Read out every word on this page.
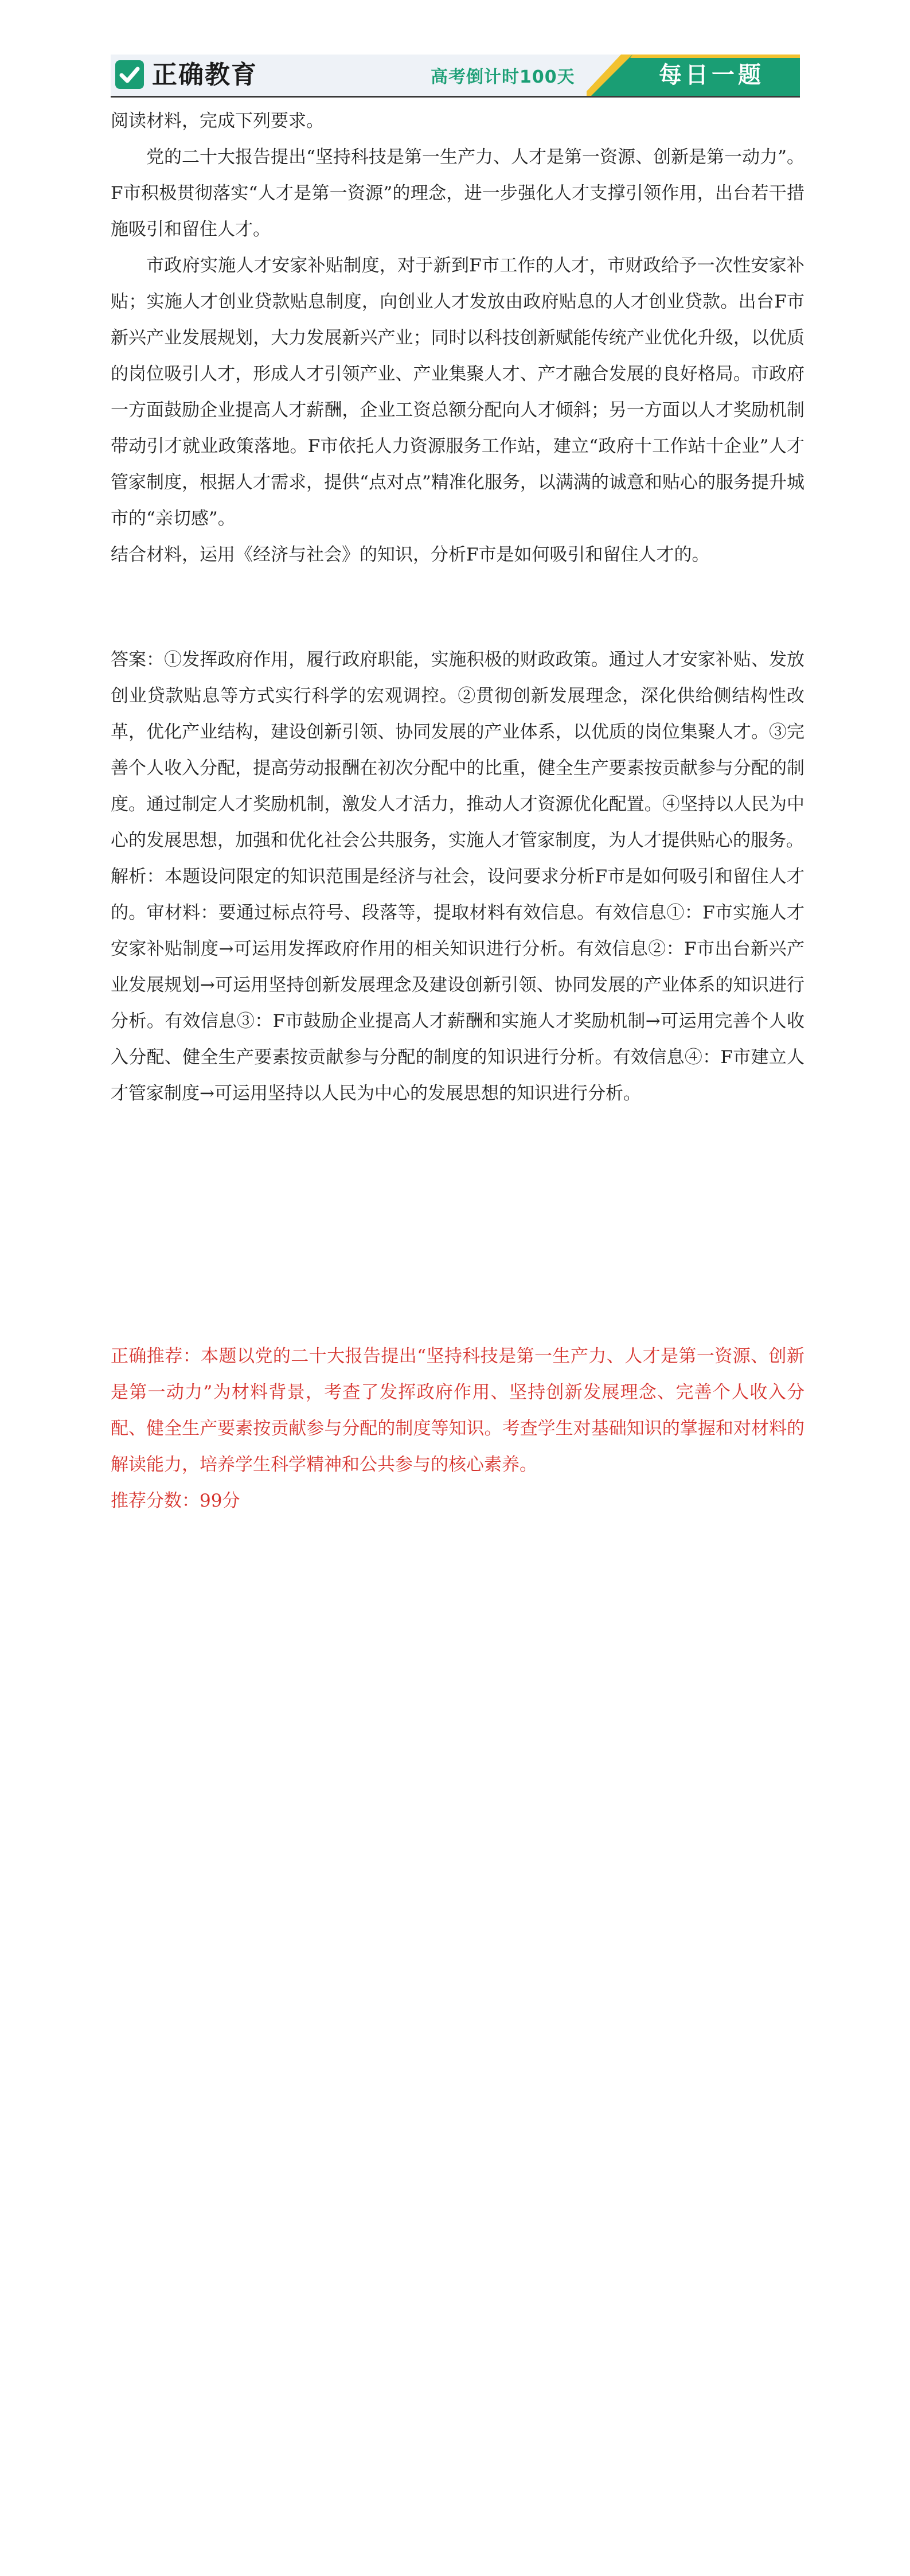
正确教育	高考倒计时100天	每日一题

阅读材料，完成下列要求。

党的二十大报告提出“坚持科技是第一生产力、人才是第一资源、创新是第一动力”。F市积极贯彻落实“人才是第一资源”的理念，进一步强化人才支撑引领作用，出台若干措施吸引和留住人才。

市政府实施人才安家补贴制度，对于新到F市工作的人才，市财政给予一次性安家补贴；实施人才创业贷款贴息制度，向创业人才发放由政府贴息的人才创业贷款。出台F市新兴产业发展规划，大力发展新兴产业；同时以科技创新赋能传统产业优化升级，以优质的岗位吸引人才，形成人才引领产业、产业集聚人才、产才融合发展的良好格局。市政府一方面鼓励企业提高人才薪酬，企业工资总额分配向人才倾斜；另一方面以人才奖励机制带动引才就业政策落地。F市依托人力资源服务工作站，建立“政府十工作站十企业”人才管家制度，根据人才需求，提供“点对点”精准化服务，以满满的诚意和贴心的服务提升城市的“亲切感”。

结合材料，运用《经济与社会》的知识，分析F市是如何吸引和留住人才的。

答案：①发挥政府作用，履行政府职能，实施积极的财政政策。通过人才安家补贴、发放创业贷款贴息等方式实行科学的宏观调控。②贯彻创新发展理念，深化供给侧结构性改革，优化产业结构，建设创新引领、协同发展的产业体系，以优质的岗位集聚人才。③完善个人收入分配，提高劳动报酬在初次分配中的比重，健全生产要素按贡献参与分配的制度。通过制定人才奖励机制，激发人才活力，推动人才资源优化配置。④坚持以人民为中心的发展思想，加强和优化社会公共服务，实施人才管家制度，为人才提供贴心的服务。

解析：本题设问限定的知识范围是经济与社会，设问要求分析F市是如何吸引和留住人才的。审材料：要通过标点符号、段落等，提取材料有效信息。有效信息①：F市实施人才安家补贴制度→可运用发挥政府作用的相关知识进行分析。有效信息②：F市出台新兴产业发展规划→可运用坚持创新发展理念及建设创新引领、协同发展的产业体系的知识进行分析。有效信息③：F市鼓励企业提高人才薪酬和实施人才奖励机制→可运用完善个人收入分配、健全生产要素按贡献参与分配的制度的知识进行分析。有效信息④：F市建立人才管家制度→可运用坚持以人民为中心的发展思想的知识进行分析。

正确推荐：本题以党的二十大报告提出“坚持科技是第一生产力、人才是第一资源、创新是第一动力”为材料背景，考查了发挥政府作用、坚持创新发展理念、完善个人收入分配、健全生产要素按贡献参与分配的制度等知识。考查学生对基础知识的掌握和对材料的解读能力，培养学生科学精神和公共参与的核心素养。

推荐分数：99分
